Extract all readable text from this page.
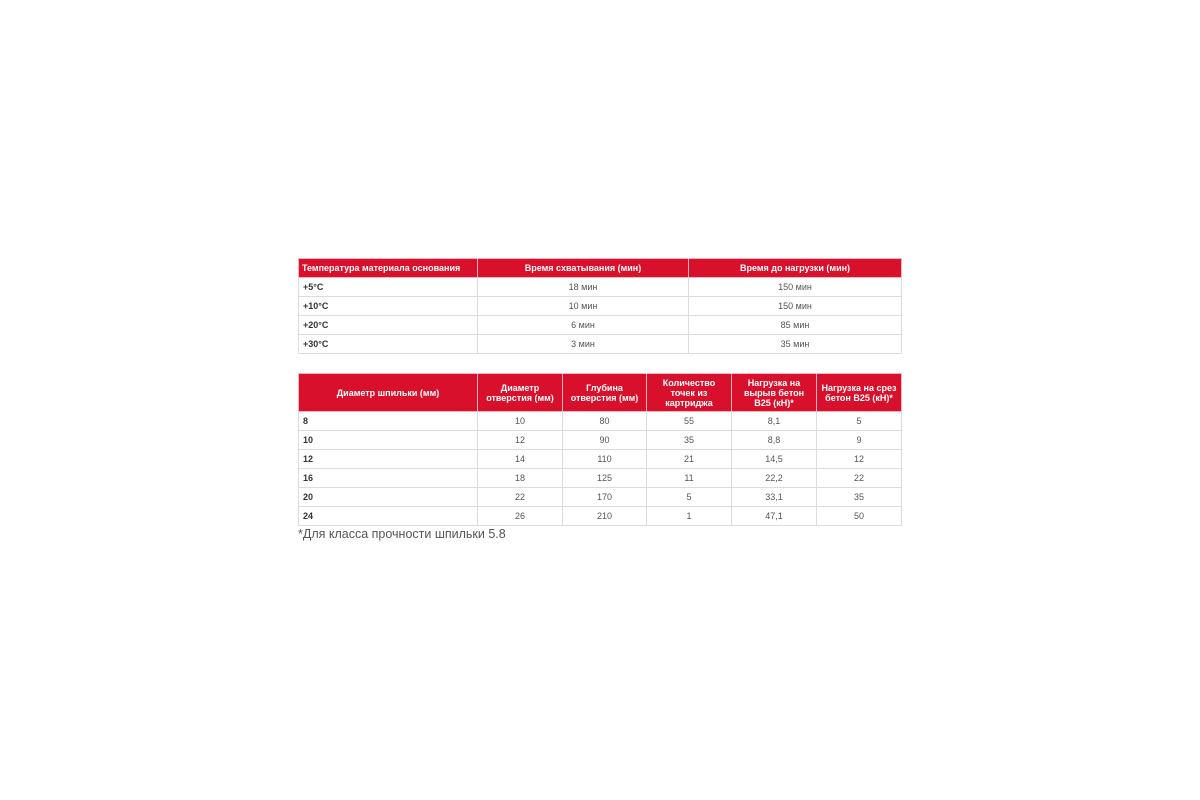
Температура материала основания	Время схватывания (мин)	Время до нагрузки (мин)
+5°C	18 мин	150 мин
+10°C	10 мин	150 мин
+20°C	6 мин	85 мин
+30°C	3 мин	35 мин
Диаметр шпильки (мм)	Диаметр отверстия (мм)	Глубина отверстия (мм)	Количество точек из картриджа	Нагрузка на вырыв бетон B25 (кН)*	Нагрузка на срез бетон B25 (кН)*
8	10	80	55	8,1	5
10	12	90	35	8,8	9
12	14	110	21	14,5	12
16	18	125	11	22,2	22
20	22	170	5	33,1	35
24	26	210	1	47,1	50
*Для класса прочности шпильки 5.8
